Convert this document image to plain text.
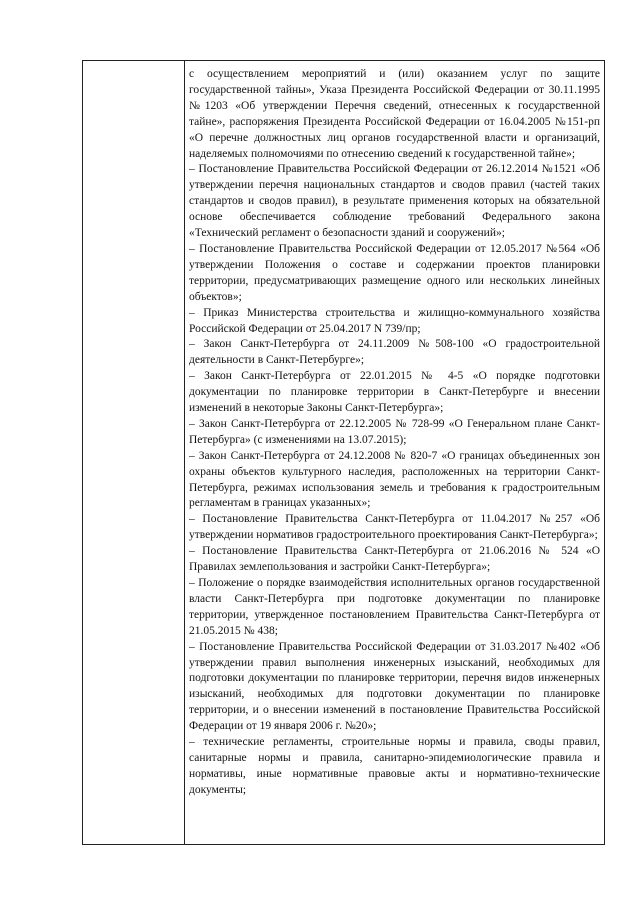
с осуществлением мероприятий и (или) оказанием услуг по защите государственной тайны», Указа Президента Российской Федерации от 30.11.1995 №1203 «Об утверждении Перечня сведений, отнесенных к государственной тайне», распоряжения Президента Российской Федерации от 16.04.2005 №151-рп «О перечне должностных лиц органов государственной власти и организаций, наделяемых полномочиями по отнесению сведений к государственной тайне»;

– Постановление Правительства Российской Федерации от 26.12.2014 №1521 «Об утверждении перечня национальных стандартов и сводов правил (частей таких стандартов и сводов правил), в результате применения которых на обязательной основе обеспечивается соблюдение требований Федерального закона «Технический регламент о безопасности зданий и сооружений»;

– Постановление Правительства Российской Федерации от 12.05.2017 №564 «Об утверждении Положения о составе и содержании проектов планировки территории, предусматривающих размещение одного или нескольких линейных объектов»;

– Приказ Министерства строительства и жилищно-коммунального хозяйства Российской Федерации от 25.04.2017 N 739/пр;

– Закон Санкт-Петербурга от 24.11.2009 №508-100 «О градостроительной деятельности в Санкт-Петербурге»;

– Закон Санкт-Петербурга от 22.01.2015 № 4-5 «О порядке подготовки документации по планировке территории в Санкт-Петербурге и внесении изменений в некоторые Законы Санкт-Петербурга»;

– Закон Санкт-Петербурга от 22.12.2005 № 728-99 «О Генеральном плане Санкт-Петербурга» (с изменениями на 13.07.2015);

– Закон Санкт-Петербурга от 24.12.2008 № 820-7 «О границах объединенных зон охраны объектов культурного наследия, расположенных на территории Санкт-Петербурга, режимах использования земель и требования к градостроительным регламентам в границах указанных»;

– Постановление Правительства Санкт-Петербурга от 11.04.2017 №257 «Об утверждении нормативов градостроительного проектирования Санкт-Петербурга»;

– Постановление Правительства Санкт-Петербурга от 21.06.2016 № 524 «О Правилах землепользования и застройки Санкт-Петербурга»;

– Положение о порядке взаимодействия исполнительных органов государственной власти Санкт-Петербурга при подготовке документации по планировке территории, утвержденное постановлением Правительства Санкт-Петербурга от 21.05.2015 № 438;

– Постановление Правительства Российской Федерации от 31.03.2017 №402 «Об утверждении правил выполнения инженерных изысканий, необходимых для подготовки документации по планировке территории, перечня видов инженерных изысканий, необходимых для подготовки документации по планировке территории, и о внесении изменений в постановление Правительства Российской Федерации от 19 января 2006 г. №20»;

– технические регламенты, строительные нормы и правила, своды правил, санитарные нормы и правила, санитарно-эпидемиологические правила и нормативы, иные нормативные правовые акты и нормативно-технические документы;
